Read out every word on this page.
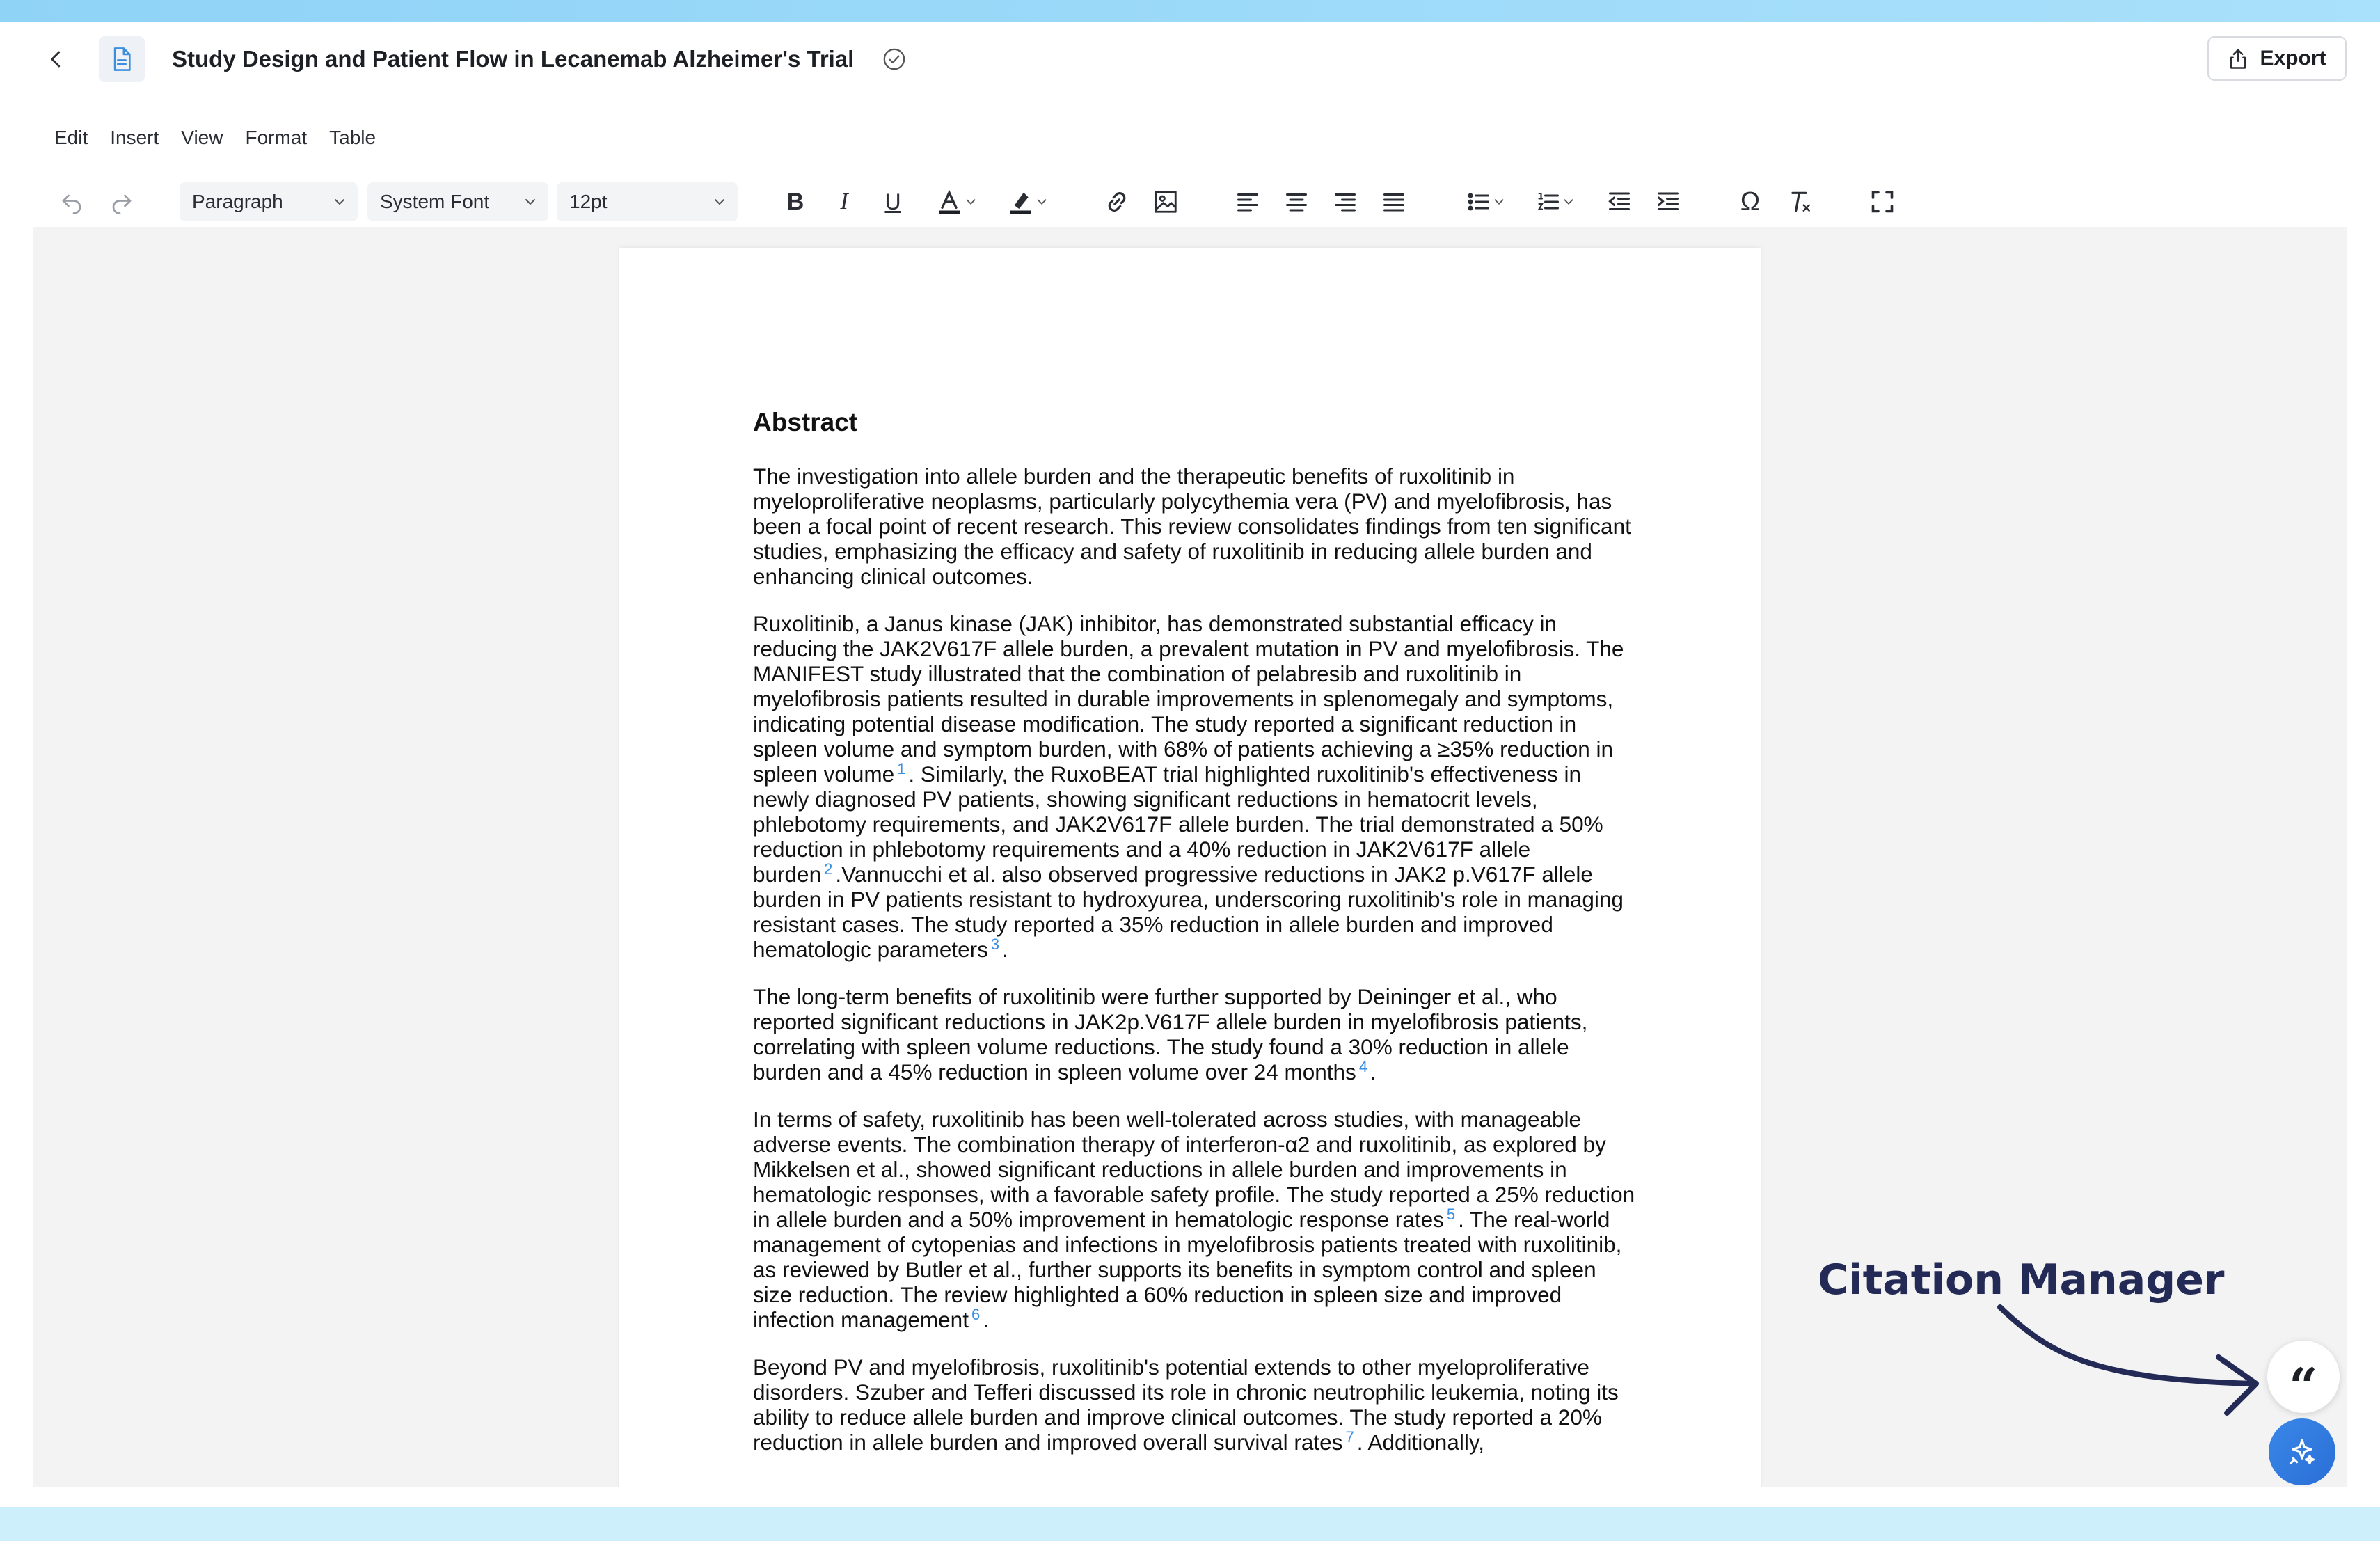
Study Design and Patient Flow in Lecanemab Alzheimer's Trial	Export
Edit	Insert	View	Format	Table
Paragraph	System Font	12pt	B I U	Ω
Abstract

The investigation into allele burden and the therapeutic benefits of ruxolitinib in myeloproliferative neoplasms, particularly polycythemia vera (PV) and myelofibrosis, has been a focal point of recent research. This review consolidates findings from ten significant studies, emphasizing the efficacy and safety of ruxolitinib in reducing allele burden and enhancing clinical outcomes.

Ruxolitinib, a Janus kinase (JAK) inhibitor, has demonstrated substantial efficacy in reducing the JAK2V617F allele burden, a prevalent mutation in PV and myelofibrosis. The MANIFEST study illustrated that the combination of pelabresib and ruxolitinib in myelofibrosis patients resulted in durable improvements in splenomegaly and symptoms, indicating potential disease modification. The study reported a significant reduction in spleen volume and symptom burden, with 68% of patients achieving a ≥35% reduction in spleen volume $^1$ . Similarly, the RuxoBEAT trial highlighted ruxolitinib's effectiveness in newly diagnosed PV patients, showing significant reductions in hematocrit levels, phlebotomy requirements, and JAK2V617F allele burden. The trial demonstrated a 50% reduction in phlebotomy requirements and a 40% reduction in JAK2V617F allele burden $^2$ .Vannucchi et al. also observed progressive reductions in JAK2 p.V617F allele burden in PV patients resistant to hydroxyurea, underscoring ruxolitinib's role in managing resistant cases. The study reported a 35% reduction in allele burden and improved hematologic parameters $^3$ .

The long-term benefits of ruxolitinib were further supported by Deininger et al., who reported significant reductions in JAK2p.V617F allele burden in myelofibrosis patients, correlating with spleen volume reductions. The study found a 30% reduction in allele burden and a 45% reduction in spleen volume over 24 months $^4$ .

In terms of safety, ruxolitinib has been well-tolerated across studies, with manageable adverse events. The combination therapy of interferon-α2 and ruxolitinib, as explored by Mikkelsen et al., showed significant reductions in allele burden and improvements in hematologic responses, with a favorable safety profile. The study reported a 25% reduction in allele burden and a 50% improvement in hematologic response rates $^5$ . The real-world management of cytopenias and infections in myelofibrosis patients treated with ruxolitinib, as reviewed by Butler et al., further supports its benefits in symptom control and spleen size reduction. The review highlighted a 60% reduction in spleen size and improved infection management $^6$ .

Beyond PV and myelofibrosis, ruxolitinib's potential extends to other myeloproliferative disorders. Szuber and Tefferi discussed its role in chronic neutrophilic leukemia, noting its ability to reduce allele burden and improve clinical outcomes. The study reported a 20% reduction in allele burden and improved overall survival rates $^7$ . Additionally,

Citation Manager
“
